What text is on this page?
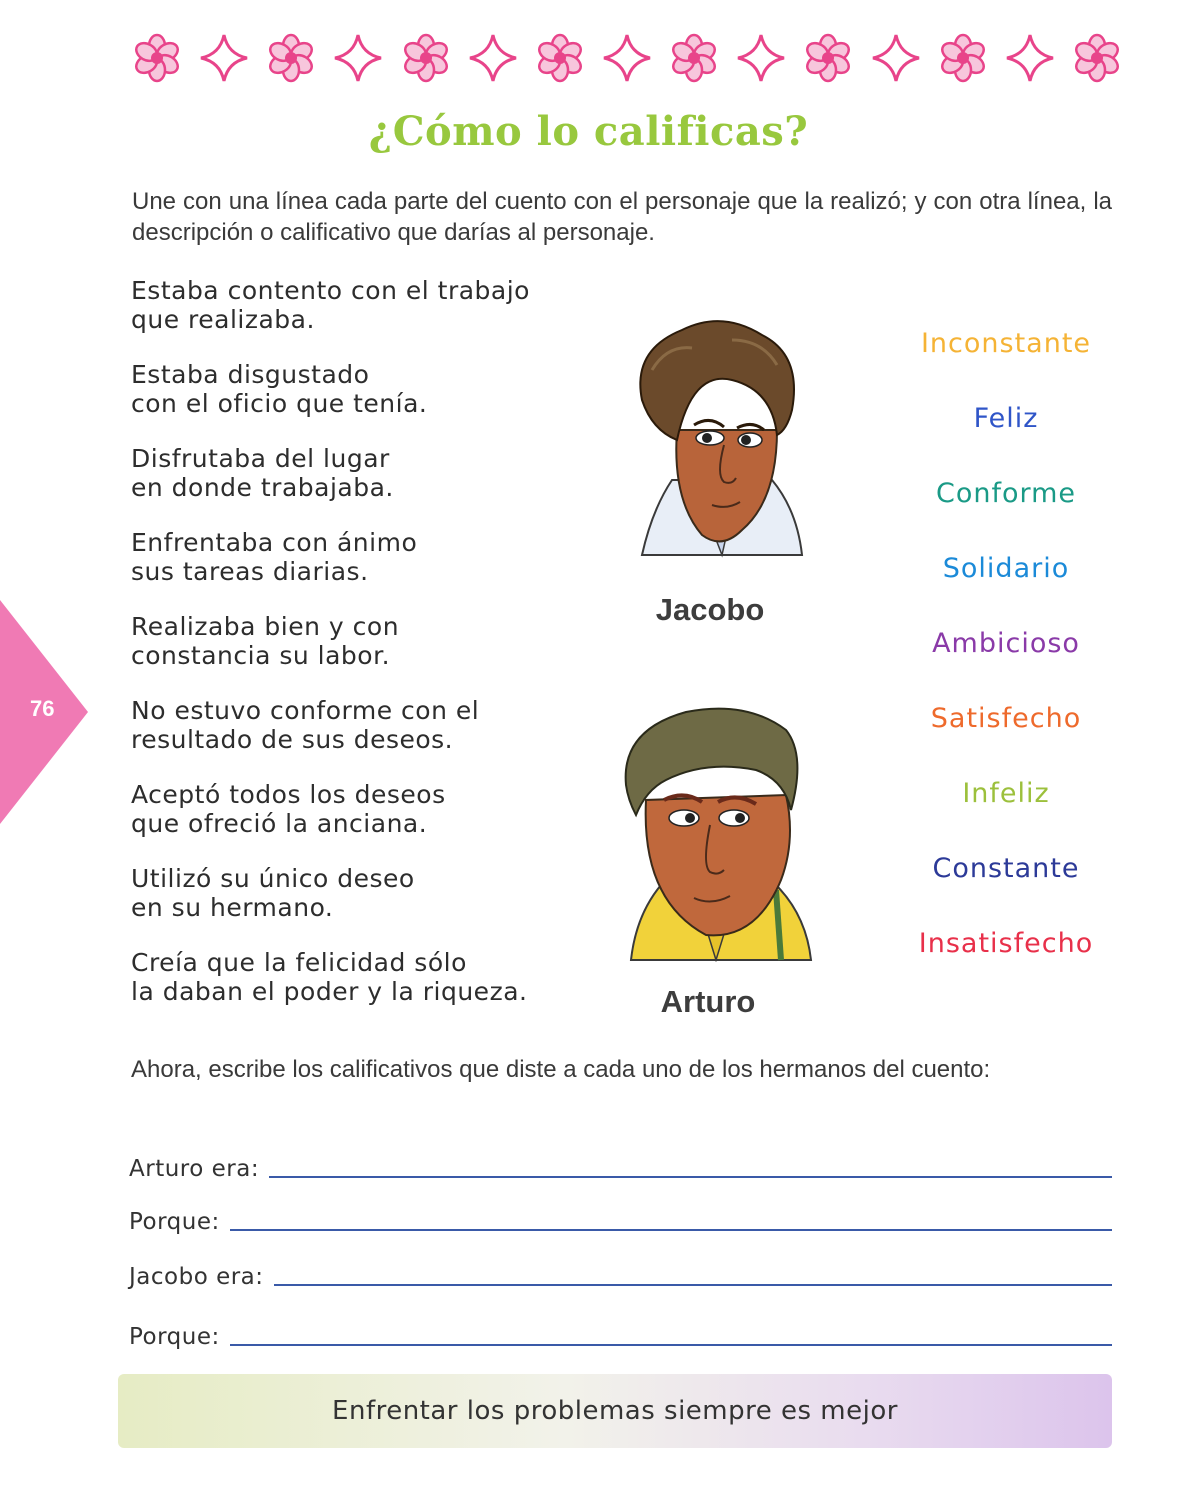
¿Cómo lo calificas?
Une con una línea cada parte del cuento con el personaje que la realizó; y con otra línea, la descripción o calificativo que darías al personaje.
Estaba contento con el trabajo
que realizaba.
Estaba disgustado
con el oficio que tenía.
Disfrutaba del lugar
en donde trabajaba.
Enfrentaba con ánimo
sus tareas diarias.
Realizaba bien y con
constancia su labor.
No estuvo conforme con el
resultado de sus deseos.
Aceptó todos los deseos
que ofreció la anciana.
Utilizó su único deseo
en su hermano.
Creía que la felicidad sólo
la daban el poder y la riqueza.
Jacobo
Arturo
Inconstante
Feliz
Conforme
Solidario
Ambicioso
Satisfecho
Infeliz
Constante
Insatisfecho
76
Ahora, escribe los calificativos que diste a cada uno de los hermanos del cuento:
Arturo era:
Porque:
Jacobo era:
Porque:
Enfrentar los problemas siempre es mejor
